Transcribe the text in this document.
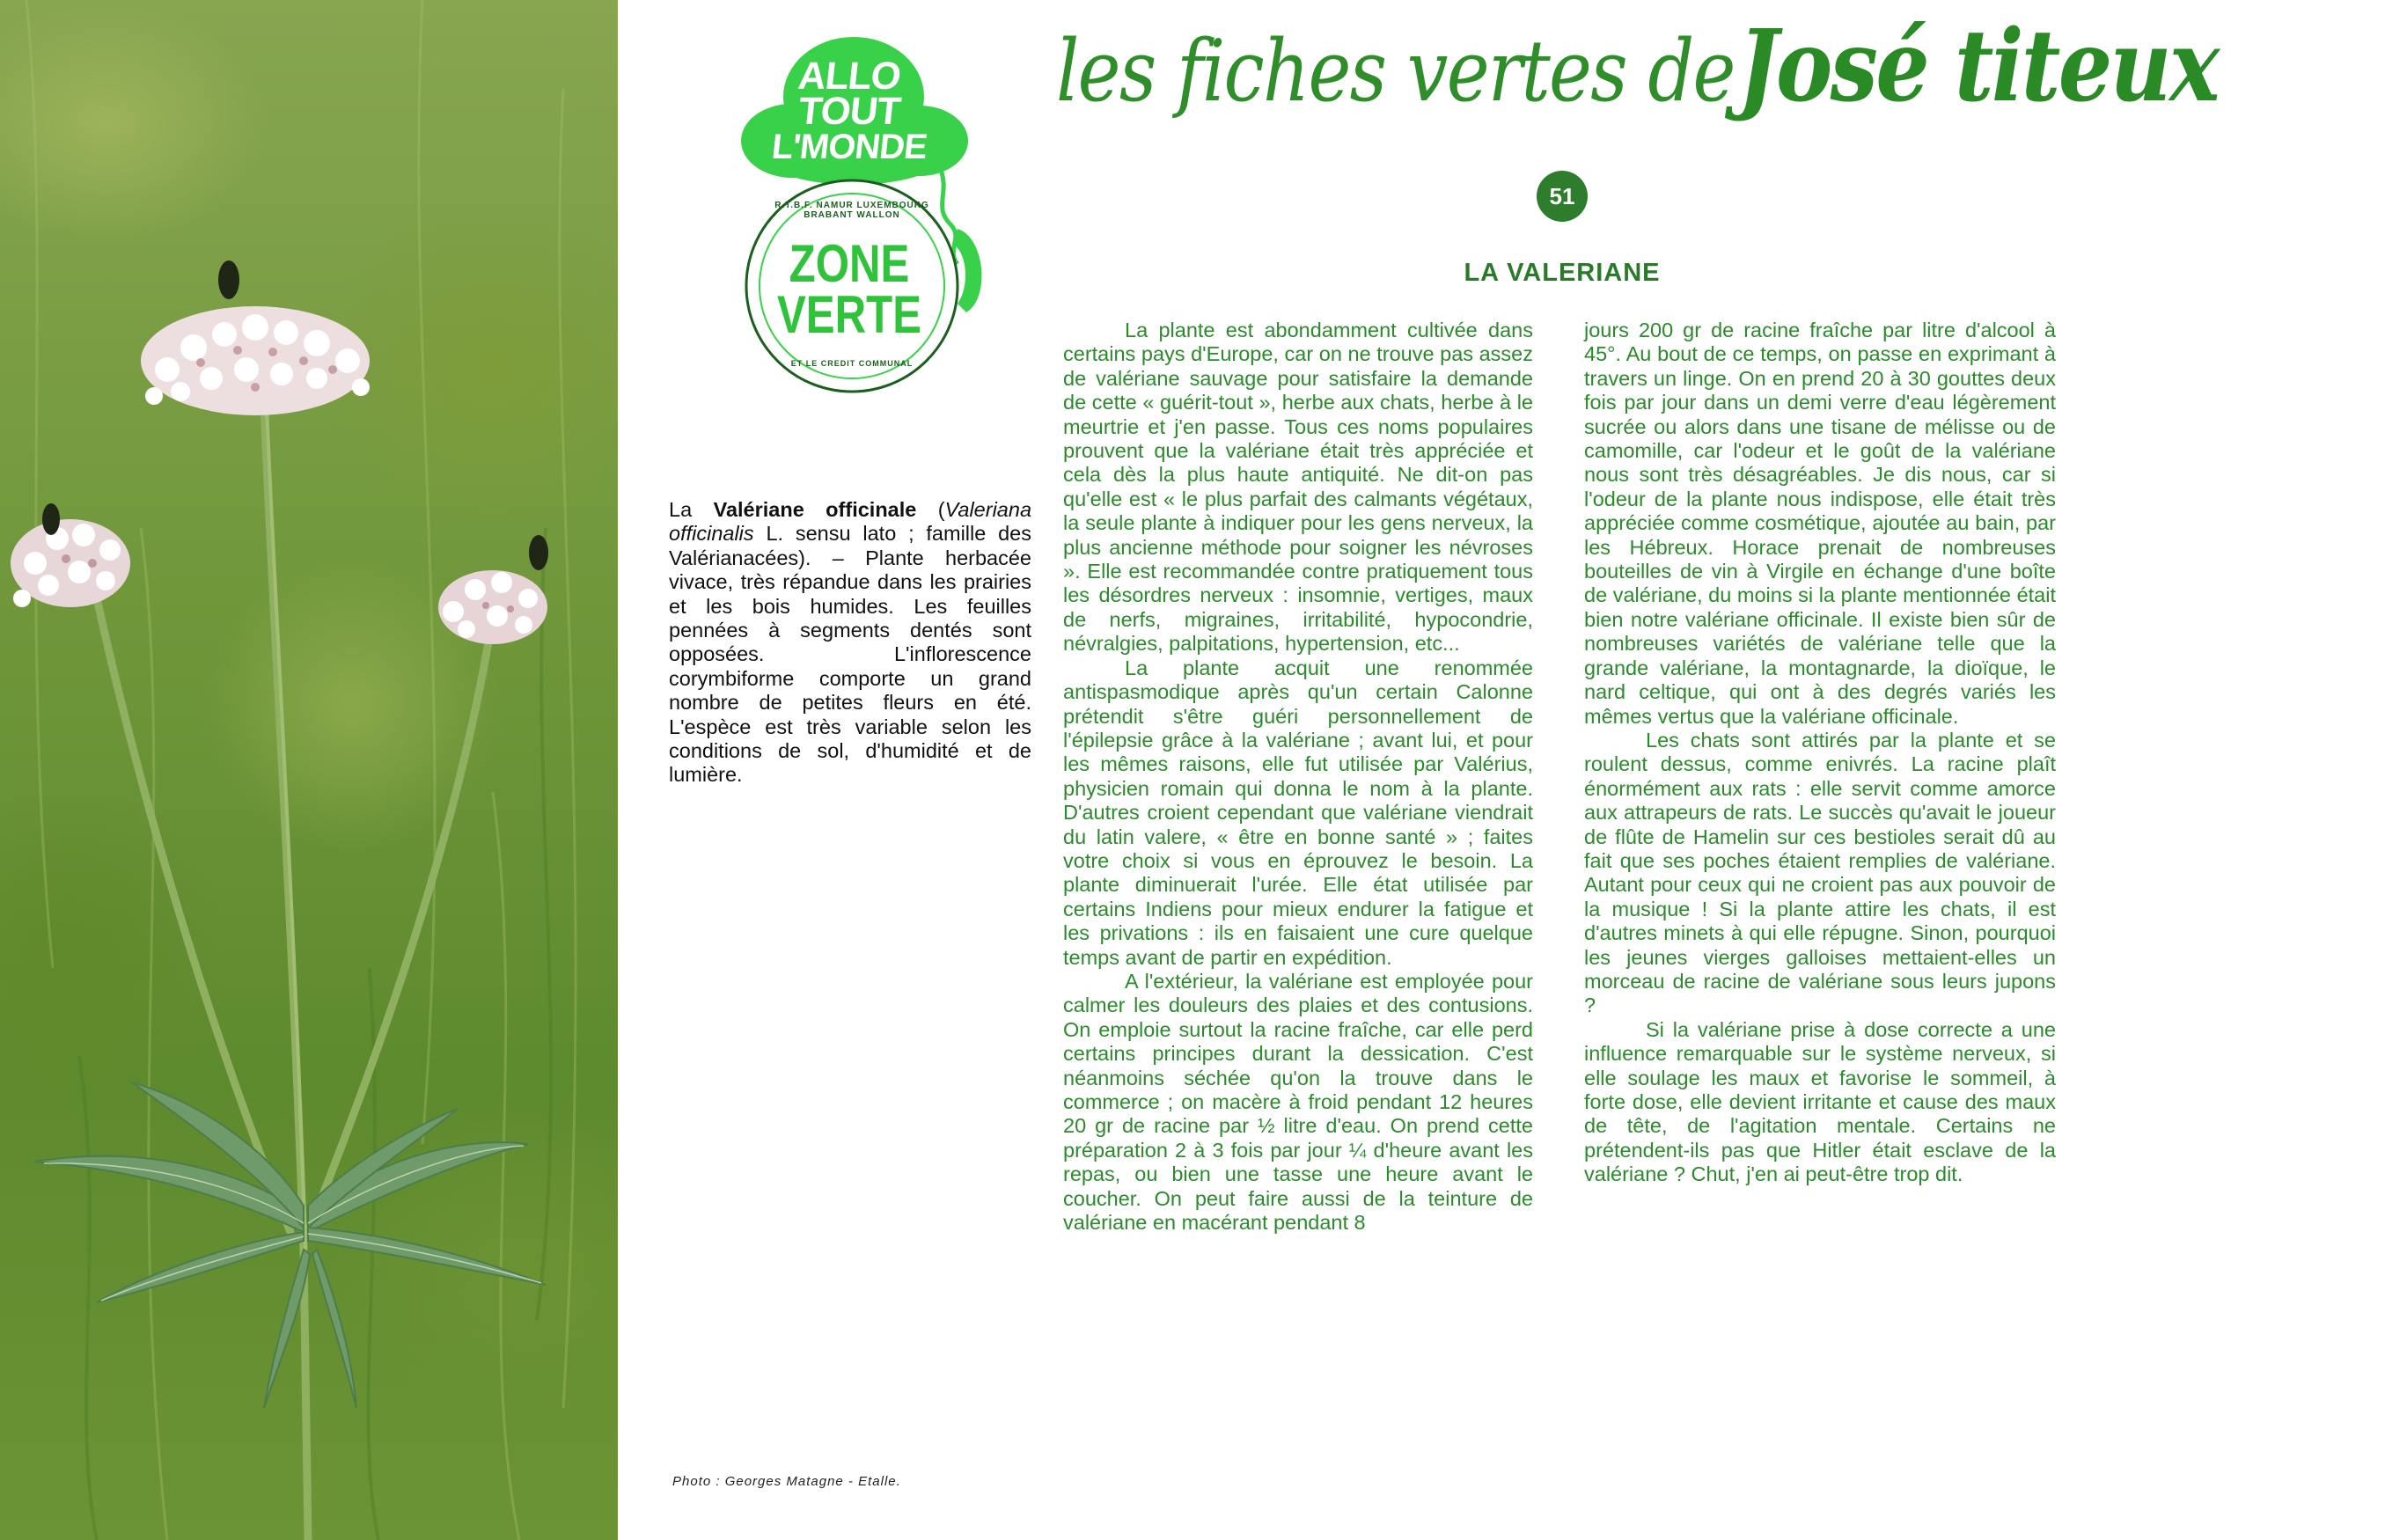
ALLO
TOUT
L'MONDE
R.T.B.F. NAMUR LUXEMBOURG BRABANT WALLON
ZONE
VERTE
ET LE CREDIT COMMUNAL
les fiches vertes de José titeux
51
LA VALERIANE
La Valériane officinale (Valeriana officinalis L. sensu lato ; famille des Valérianacées). – Plante herbacée vivace, très répandue dans les prairies et les bois humides. Les feuilles pennées à segments dentés sont opposées. L'inflorescence corymbiforme comporte un grand nombre de petites fleurs en été. L'espèce est très variable selon les conditions de sol, d'humidité et de lumière.

La plante est abondamment cultivée dans certains pays d'Europe, car on ne trouve pas assez de valériane sauvage pour satisfaire la demande de cette « guérit-tout », herbe aux chats, herbe à le meurtrie et j'en passe. Tous ces noms populaires prouvent que la valériane était très appréciée et cela dès la plus haute antiquité. Ne dit-on pas qu'elle est « le plus parfait des calmants végétaux, la seule plante à indiquer pour les gens nerveux, la plus ancienne méthode pour soigner les névroses ». Elle est recommandée contre pratiquement tous les désordres nerveux : insomnie, vertiges, maux de nerfs, migraines, irritabilité, hypocondrie, névralgies, palpitations, hypertension, etc...

La plante acquit une renommée antispasmodique après qu'un certain Calonne prétendit s'être guéri personnellement de l'épilepsie grâce à la valériane ; avant lui, et pour les mêmes raisons, elle fut utilisée par Valérius, physicien romain qui donna le nom à la plante. D'autres croient cependant que valériane viendrait du latin valere, « être en bonne santé » ; faites votre choix si vous en éprouvez le besoin. La plante diminuerait l'urée. Elle état utilisée par certains Indiens pour mieux endurer la fatigue et les privations : ils en faisaient une cure quelque temps avant de partir en expédition.

A l'extérieur, la valériane est employée pour calmer les douleurs des plaies et des contusions. On emploie surtout la racine fraîche, car elle perd certains principes durant la dessication. C'est néanmoins séchée qu'on la trouve dans le commerce ; on macère à froid pendant 12 heures 20 gr de racine par ½ litre d'eau. On prend cette préparation 2 à 3 fois par jour ¼ d'heure avant les repas, ou bien une tasse une heure avant le coucher. On peut faire aussi de la teinture de valériane en macérant pendant 8

jours 200 gr de racine fraîche par litre d'alcool à 45°. Au bout de ce temps, on passe en exprimant à travers un linge. On en prend 20 à 30 gouttes deux fois par jour dans un demi verre d'eau légèrement sucrée ou alors dans une tisane de mélisse ou de camomille, car l'odeur et le goût de la valériane nous sont très désagréables. Je dis nous, car si l'odeur de la plante nous indispose, elle était très appréciée comme cosmétique, ajoutée au bain, par les Hébreux. Horace prenait de nombreuses bouteilles de vin à Virgile en échange d'une boîte de valériane, du moins si la plante mentionnée était bien notre valériane officinale. Il existe bien sûr de nombreuses variétés de valériane telle que la grande valériane, la montagnarde, la dioïque, le nard celtique, qui ont à des degrés variés les mêmes vertus que la valériane officinale.

Les chats sont attirés par la plante et se roulent dessus, comme enivrés. La racine plaît énormément aux rats : elle servit comme amorce aux attrapeurs de rats. Le succès qu'avait le joueur de flûte de Hamelin sur ces bestioles serait dû au fait que ses poches étaient remplies de valériane. Autant pour ceux qui ne croient pas aux pouvoir de la musique ! Si la plante attire les chats, il est d'autres minets à qui elle répugne. Sinon, pourquoi les jeunes vierges galloises mettaient-elles un morceau de racine de valériane sous leurs jupons ?

Si la valériane prise à dose correcte a une influence remarquable sur le système nerveux, si elle soulage les maux et favorise le sommeil, à forte dose, elle devient irritante et cause des maux de tête, de l'agitation mentale. Certains ne prétendent-ils pas que Hitler était esclave de la valériane ? Chut, j'en ai peut-être trop dit.

Photo : Georges Matagne - Etalle.
